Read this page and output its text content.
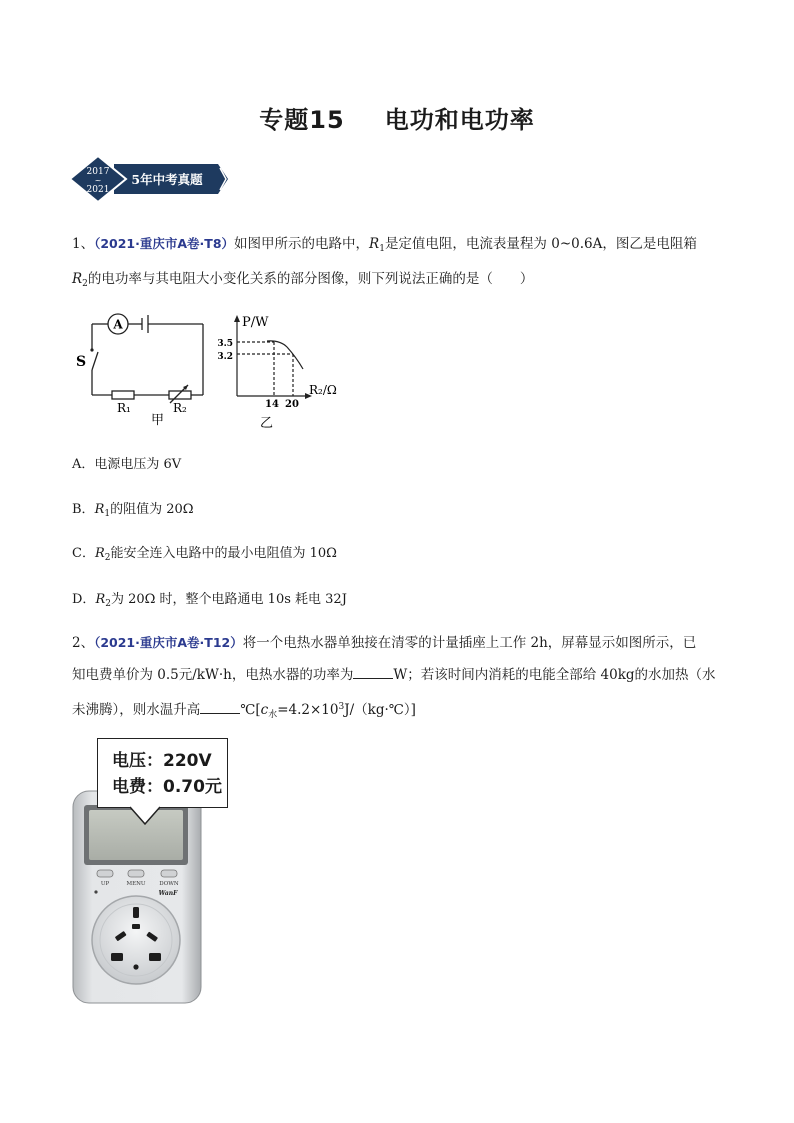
专题15 电功和电功率
2017
~
2021
5年中考真题
1、（2021·重庆市A卷·T8）如图甲所示的电路中，$R_1$是定值电阻，电流表量程为 0~0.6A，图乙是电阻箱
$R_2$的电功率与其电阻大小变化关系的部分图像，则下列说法正确的是（　　）
A
S
R₁	R₂
甲
P/W
R₂/Ω
3.5
3.2
14 20
乙
A．电源电压为 6V
B．$R_1$的阻值为 20Ω
C．$R_2$能安全连入电路中的最小电阻值为 10Ω
D．$R_2$为 20Ω 时，整个电路通电 10s 耗电 32J
2、（2021·重庆市A卷·T12）将一个电热水器单独接在清零的计量插座上工作 2h，屏幕显示如图所示，已
知电费单价为 0.5元/kW·h，电热水器的功率为	W；若该时间内消耗的电能全部给 40kg的水加热（水
未沸腾），则水温升高	$℃[c_水=4.2\times 10^3J/(kg\cdot℃)]$
UP	MENU	DOWN
WanF
电压：220V
电费：0.70元
